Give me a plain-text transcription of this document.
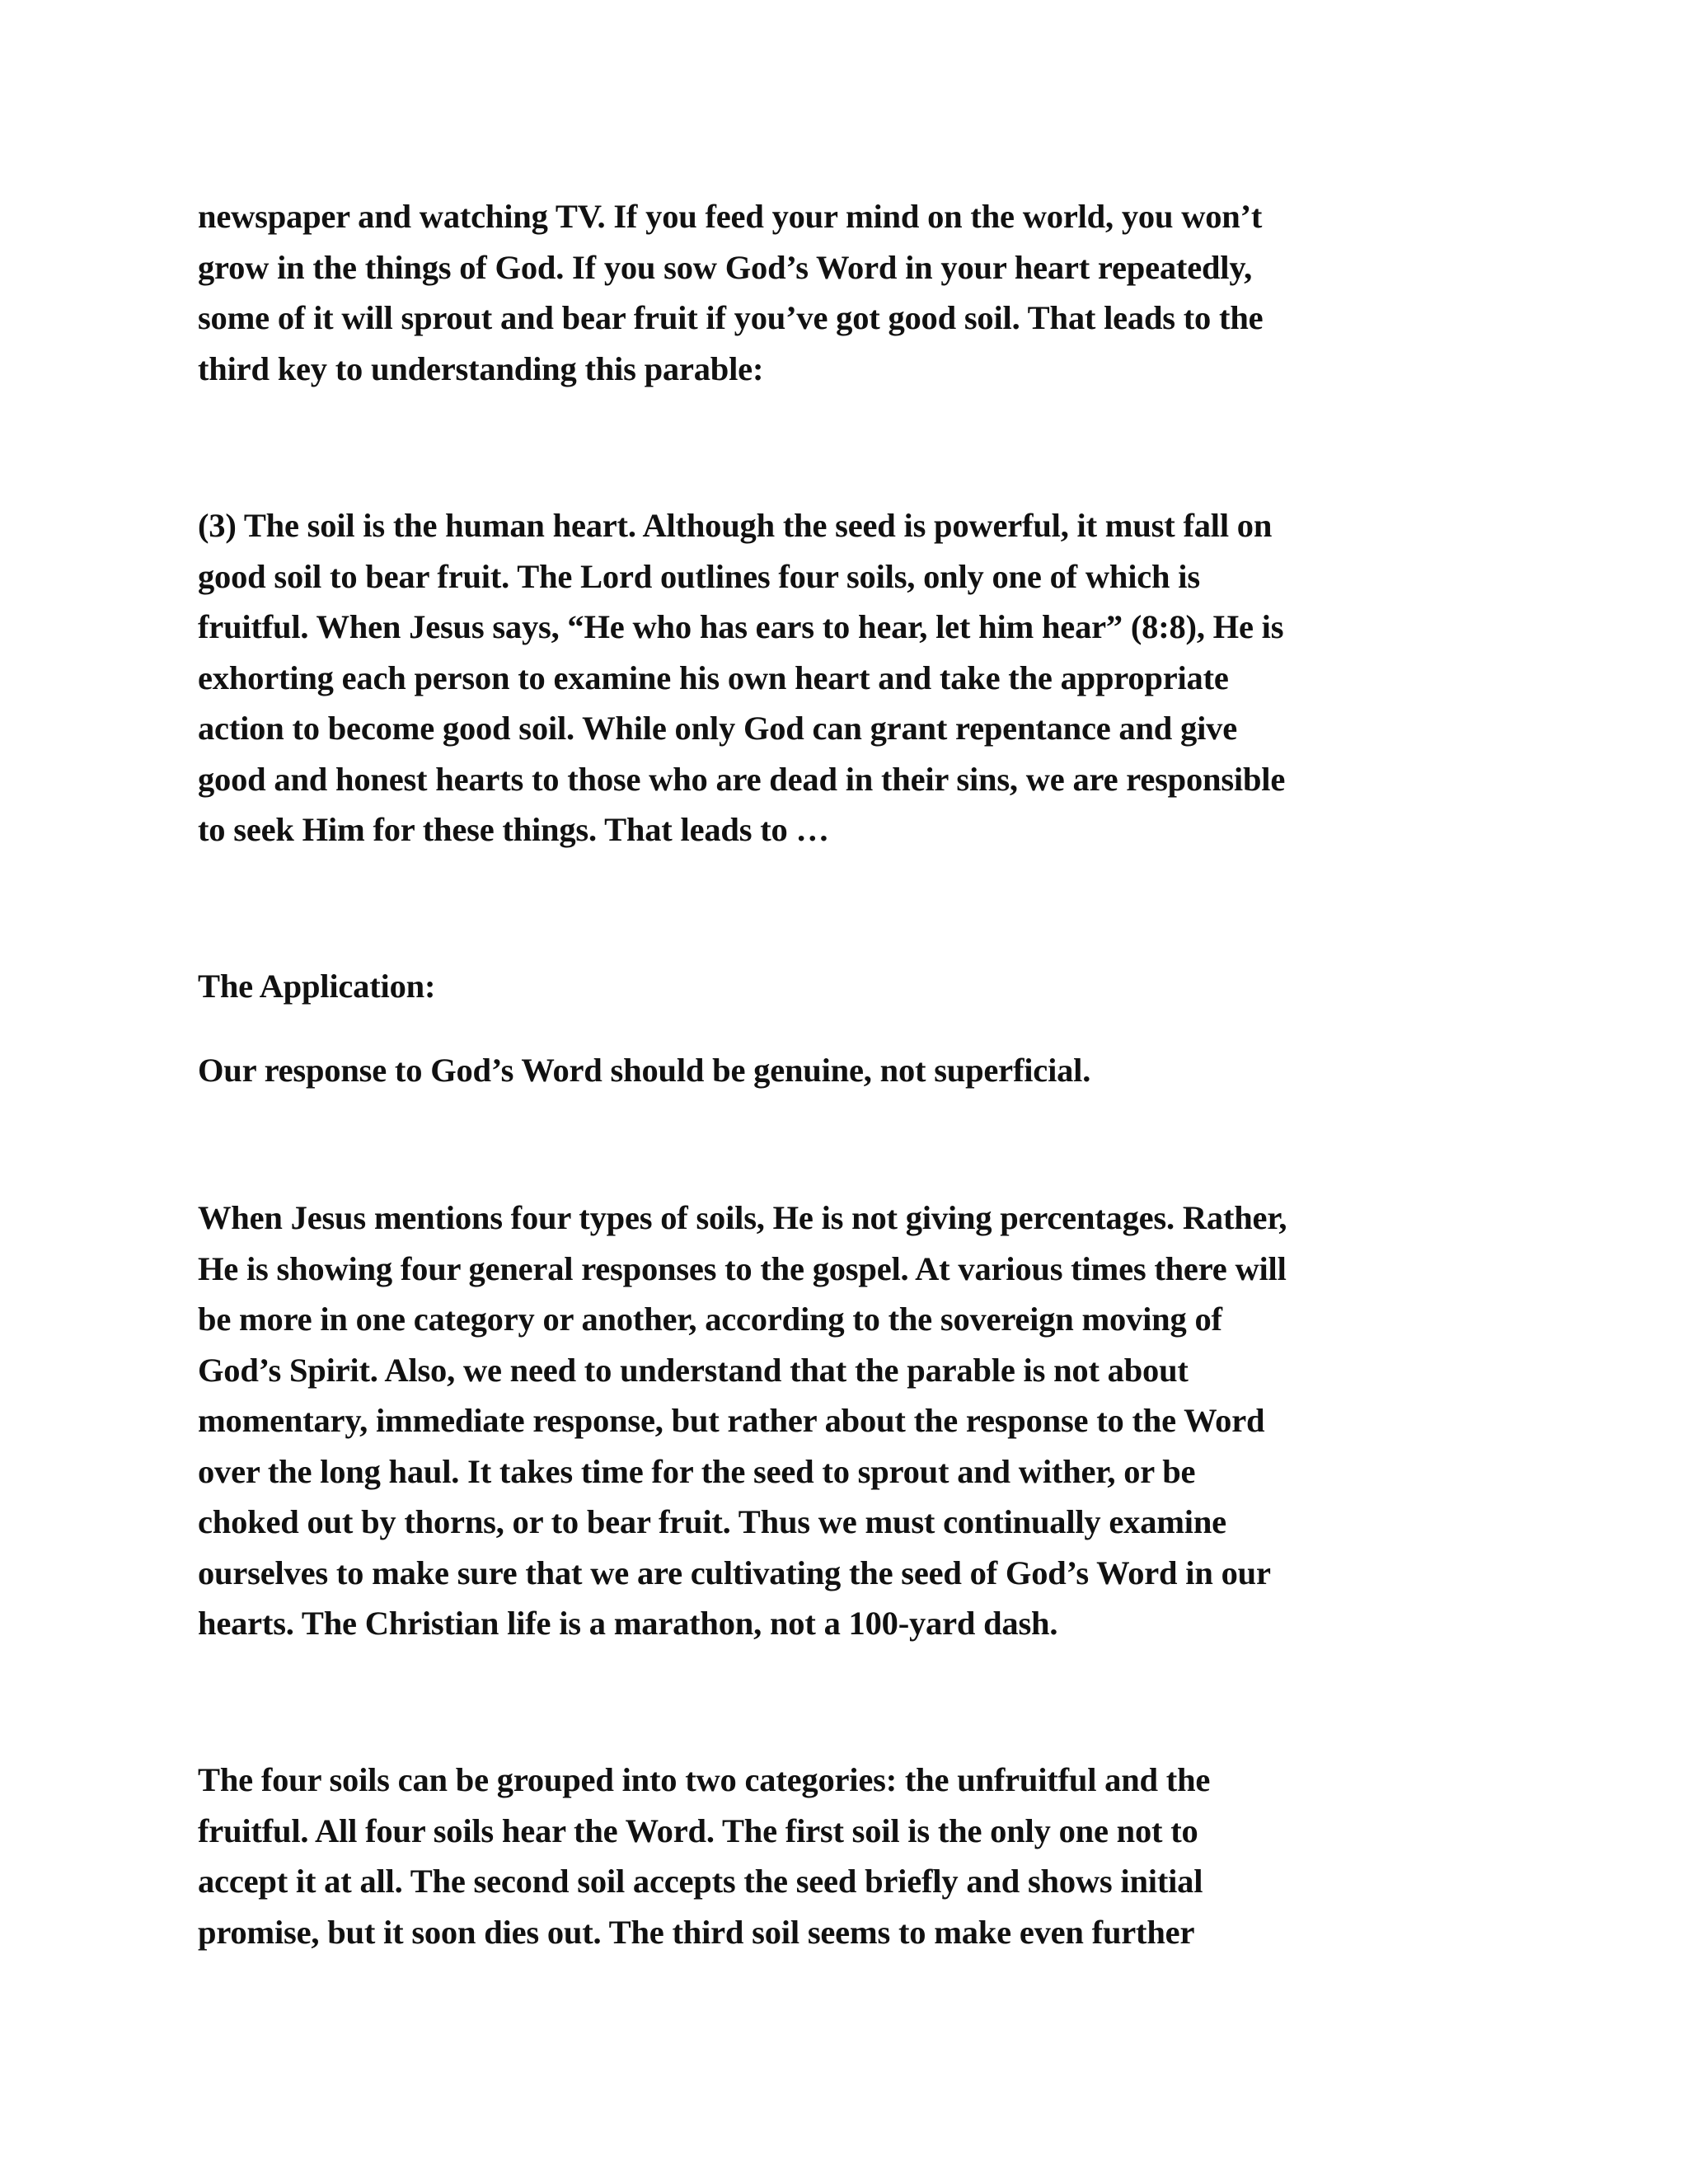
newspaper and watching TV. If you feed your mind on the world, you won’t
grow in the things of God. If you sow God’s Word in your heart repeatedly,
some of it will sprout and bear fruit if you’ve got good soil. That leads to the
third key to understanding this parable:

(3) The soil is the human heart. Although the seed is powerful, it must fall on
good soil to bear fruit. The Lord outlines four soils, only one of which is
fruitful. When Jesus says, “He who has ears to hear, let him hear” (8:8), He is
exhorting each person to examine his own heart and take the appropriate
action to become good soil. While only God can grant repentance and give
good and honest hearts to those who are dead in their sins, we are responsible
to seek Him for these things. That leads to …

The Application:

Our response to God’s Word should be genuine, not superficial.

When Jesus mentions four types of soils, He is not giving percentages. Rather,
He is showing four general responses to the gospel. At various times there will
be more in one category or another, according to the sovereign moving of
God’s Spirit. Also, we need to understand that the parable is not about
momentary, immediate response, but rather about the response to the Word
over the long haul. It takes time for the seed to sprout and wither, or be
choked out by thorns, or to bear fruit. Thus we must continually examine
ourselves to make sure that we are cultivating the seed of God’s Word in our
hearts. The Christian life is a marathon, not a 100-yard dash.

The four soils can be grouped into two categories: the unfruitful and the
fruitful. All four soils hear the Word. The first soil is the only one not to
accept it at all. The second soil accepts the seed briefly and shows initial
promise, but it soon dies out. The third soil seems to make even further
